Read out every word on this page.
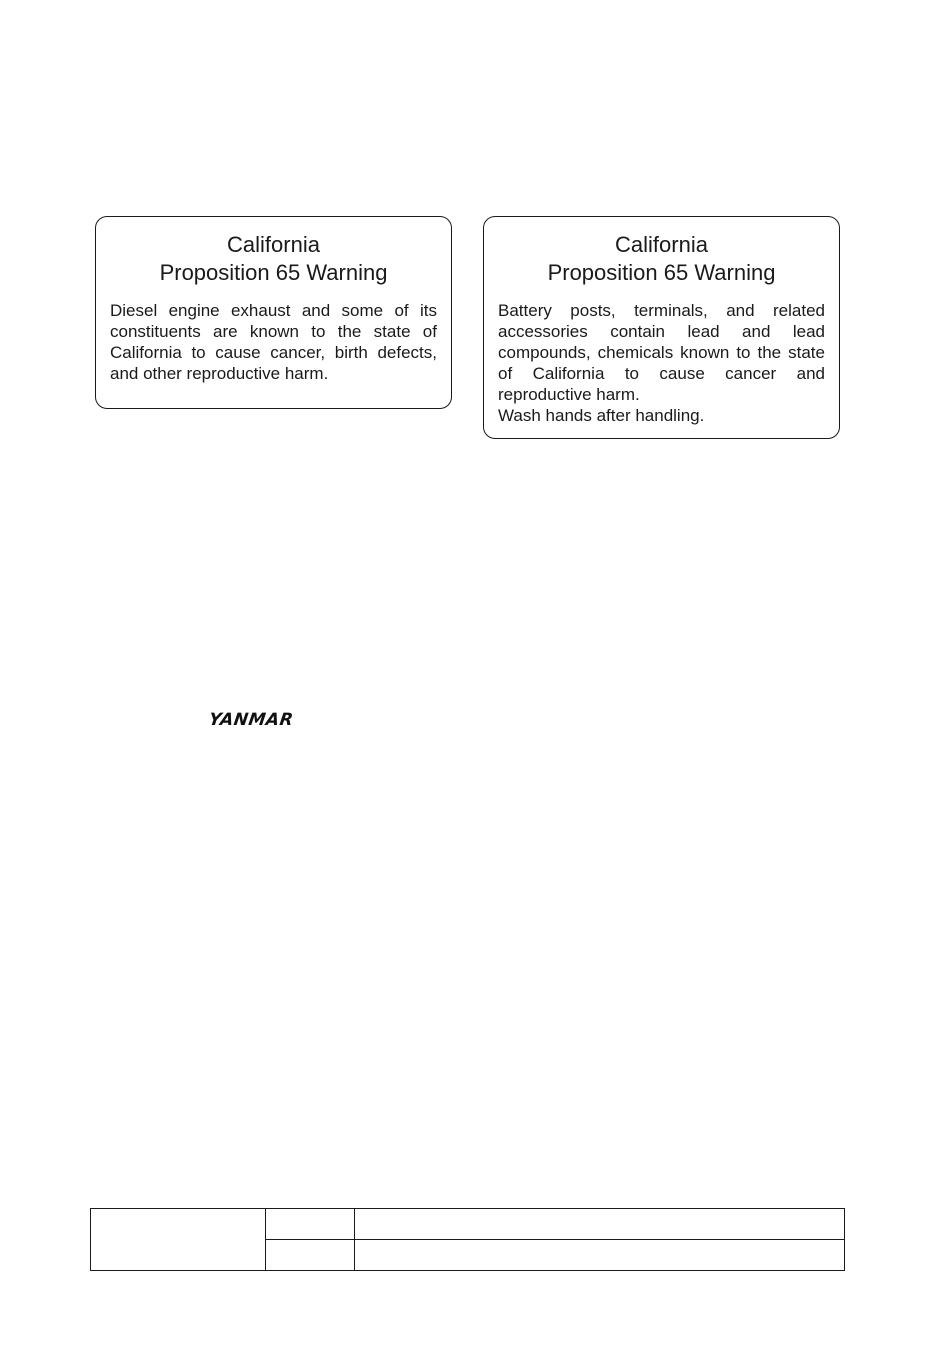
California
Proposition 65 Warning

Diesel engine exhaust and some of its constituents are known to the state of California to cause cancer, birth defects, and other reproductive harm.

California
Proposition 65 Warning

Battery posts, terminals, and related accessories contain lead and lead compounds, chemicals known to the state of California to cause cancer and reproductive harm.

Wash hands after handling.

YANMAR
